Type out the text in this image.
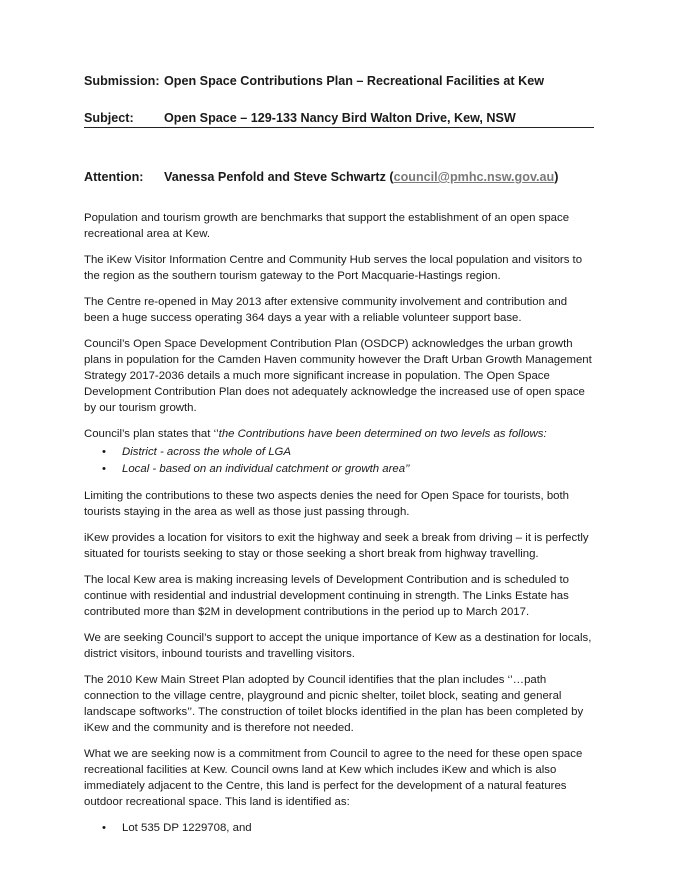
Submission: Open Space Contributions Plan – Recreational Facilities at Kew
Subject: Open Space – 129-133 Nancy Bird Walton Drive, Kew, NSW
Attention: Vanessa Penfold and Steve Schwartz (council@pmhc.nsw.gov.au)

Population and tourism growth are benchmarks that support the establishment of an open space recreational area at Kew.

The iKew Visitor Information Centre and Community Hub serves the local population and visitors to the region as the southern tourism gateway to the Port Macquarie-Hastings region.

The Centre re-opened in May 2013 after extensive community involvement and contribution and been a huge success operating 364 days a year with a reliable volunteer support base.

Council’s Open Space Development Contribution Plan (OSDCP) acknowledges the urban growth plans in population for the Camden Haven community however the Draft Urban Growth Management Strategy 2017-2036 details a much more significant increase in population. The Open Space Development Contribution Plan does not adequately acknowledge the increased use of open space by our tourism growth.

Council’s plan states that ‘’the Contributions have been determined on two levels as follows:

• District - across the whole of LGA
• Local - based on an individual catchment or growth area’’

Limiting the contributions to these two aspects denies the need for Open Space for tourists, both tourists staying in the area as well as those just passing through.

iKew provides a location for visitors to exit the highway and seek a break from driving – it is perfectly situated for tourists seeking to stay or those seeking a short break from highway travelling.

The local Kew area is making increasing levels of Development Contribution and is scheduled to continue with residential and industrial development continuing in strength. The Links Estate has contributed more than $2M in development contributions in the period up to March 2017.

We are seeking Council’s support to accept the unique importance of Kew as a destination for locals, district visitors, inbound tourists and travelling visitors.

The 2010 Kew Main Street Plan adopted by Council identifies that the plan includes ‘’…path connection to the village centre, playground and picnic shelter, toilet block, seating and general landscape softworks’’. The construction of toilet blocks identified in the plan has been completed by iKew and the community and is therefore not needed.

What we are seeking now is a commitment from Council to agree to the need for these open space recreational facilities at Kew. Council owns land at Kew which includes iKew and which is also immediately adjacent to the Centre, this land is perfect for the development of a natural features outdoor recreational space. This land is identified as:

• Lot 535 DP 1229708, and
